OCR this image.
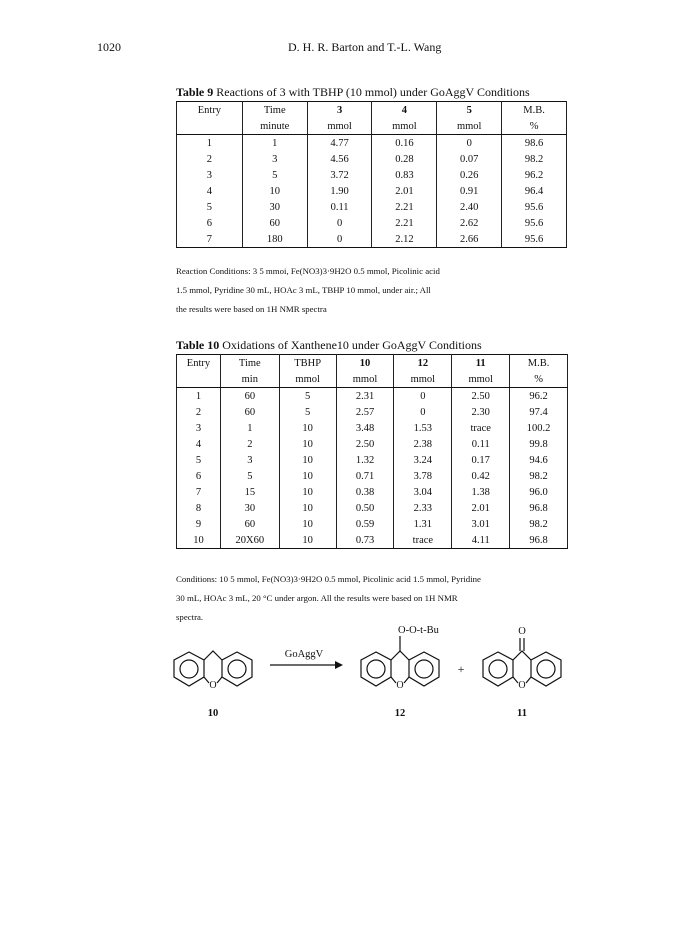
1020	D. H. R. Barton and T.-L. Wang
Table 9 Reactions of 3 with TBHP (10 mmol) under GoAggV Conditions
Entry	Time	3	4	5	M.B.
	minute	mmol	mmol	mmol	%
1	1	4.77	0.16	0	98.6
2	3	4.56	0.28	0.07	98.2
3	5	3.72	0.83	0.26	96.2
4	10	1.90	2.01	0.91	96.4
5	30	0.11	2.21	2.40	95.6
6	60	0	2.21	2.62	95.6
7	180	0	2.12	2.66	95.6
Reaction Conditions: 3 5 mmoi, Fe(NO3)3·9H2O 0.5 mmol, Picolinic acid
1.5 mmol, Pyridine 30 mL, HOAc 3 mL, TBHP 10 mmol, under air.; All
the results were based on 1H NMR spectra
Table 10 Oxidations of Xanthene10 under GoAggV Conditions
Entry	Time	TBHP	10	12	11	M.B.
	min	mmol	mmol	mmol	mmol	%
1	60	5	2.31	0	2.50	96.2
2	60	5	2.57	0	2.30	97.4
3	1	10	3.48	1.53	trace	100.2
4	2	10	2.50	2.38	0.11	99.8
5	3	10	1.32	3.24	0.17	94.6
6	5	10	0.71	3.78	0.42	98.2
7	15	10	0.38	3.04	1.38	96.0
8	30	10	0.50	2.33	2.01	96.8
9	60	10	0.59	1.31	3.01	98.2
10	20X60	10	0.73	trace	4.11	96.8
Conditions: 10 5 mmol, Fe(NO3)3·9H2O 0.5 mmol, Picolinic acid 1.5 mmol, Pyridine
30 mL, HOAc 3 mL, 20 °C under argon. All the results were based on 1H NMR
spectra.
O
GoAggV
O-O-t-Bu
O
+
O
O
10	12	11
